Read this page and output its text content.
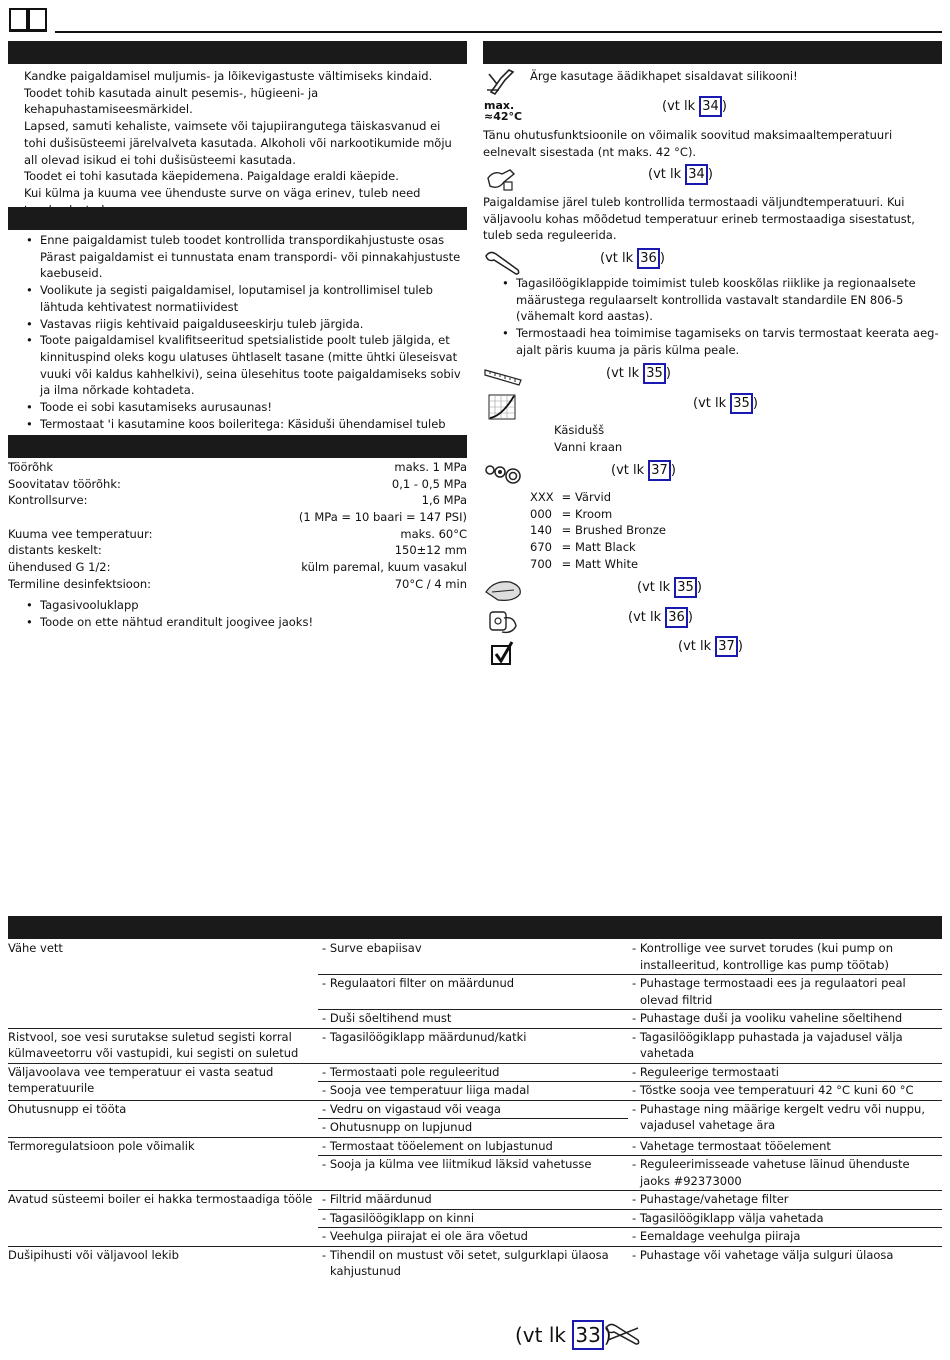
Kandke paigaldamisel muljumis- ja lõikevigastuste vältimiseks kindaid.

Toodet tohib kasutada ainult pesemis-, hügieeni- ja kehapuhastamiseesmärkidel.

Lapsed, samuti kehaliste, vaimsete või tajupiirangutega täiskasvanud ei tohi dušisüsteemi järelvalveta kasutada. Alkoholi või narkootikumide mõju all olevad isikud ei tohi dušisüsteemi kasutada.

Toodet ei tohi kasutada käepidemena. Paigaldage eraldi käepide.

Kui külma ja kuuma vee ühenduste surve on väga erinev, tuleb need

• Enne paigaldamist tuleb toodet kontrollida transpordikahjustuste osas Pärast paigaldamist ei tunnustata enam transpordi- või pinnakahjustuste kaebuseid.
• Voolikute ja segisti paigaldamisel, loputamisel ja kontrollimisel tuleb lähtuda kehtivatest normatiividest
• Vastavas riigis kehtivaid paigalduseeskirju tuleb järgida.
• Toote paigaldamisel kvalifitseeritud spetsialistide poolt tuleb jälgida, et kinnituspind oleks kogu ulatuses ühtlaselt tasane (mitte ühtki üleseisvat vuuki või kaldus kahhelkivi), seina ülesehitus toote paigaldamiseks sobiv ja ilma nõrkade kohtadeta.
• Toode ei sobi kasutamiseks aurusaunas!
• Termostaat 'i kasutamine koos boileritega: Käsiduši ühendamisel tuleb
Töörõhk	maks. 1 MPa
Soovitatav töörõhk:	0,1 - 0,5 MPa
Kontrollsurve:	1,6 MPa
(1 MPa = 10 baari = 147 PSI)
Kuuma vee temperatuur:	maks. 60°C
distants keskelt:	150±12 mm
ühendused G 1/2:	külm paremal, kuum vasakul
Termiline desinfektsioon:	70°C / 4 min
• Tagasivooluklapp
• Toode on ette nähtud eranditult joogivee jaoks!
Ärge kasutage äädikhapet sisaldavat silikooni!
max.
≈42°C
(vt lk 34 )
Tänu ohutusfunktsioonile on võimalik soovitud maksimaaltemperatuuri eelnevalt sisestada (nt maks. 42 °C).
(vt lk 34 )
Paigaldamise järel tuleb kontrollida termostaadi väljundtemperatuuri. Kui väljavoolu kohas mõõdetud temperatuur erineb termostaadiga sisestatust, tuleb seda reguleerida.
(vt lk 36 )
• Tagasilöögiklappide toimimist tuleb kooskõlas riiklike ja regionaalsete määrustega regulaarselt kontrollida vastavalt standardile EN 806-5 (vähemalt kord aastas).
• Termostaadi hea toimimise tagamiseks on tarvis termostaat keerata aeg-ajalt päris kuuma ja päris külma peale.
(vt lk 35 )
(vt lk 35 )
Käsidušš
Vanni kraan
(vt lk 37 )
XXX = Värvid
000 = Kroom
140 = Brushed Bronze
670 = Matt Black
700 = Matt White
(vt lk 35 )
(vt lk 36 )
(vt lk 37 )
Vähe vett	- Surve ebapiisav	- Kontrollige vee survet torudes (kui pump on installeeritud, kontrollige kas pump töötab)

	- Regulaatori filter on määrdunud	- Puhastage termostaadi ees ja regulaatori peal olevad filtrid

	- Duši sõeltihend must	- Puhastage duši ja vooliku vaheline sõeltihend

Ristvool, soe vesi surutakse suletud segisti korral külmaveetorru või vastupidi, kui segisti on suletud	- Tagasilöögiklapp määrdunud/katki	- Tagasilöögiklapp puhastada ja vajadusel välja vahetada

Väljavoolava vee temperatuur ei vasta seatud temperatuurile	- Termostaati pole reguleeritud	- Reguleerige termostaati

	- Sooja vee temperatuur liiga madal	- Tõstke sooja vee temperatuuri 42 °C kuni 60 °C

Ohutusnupp ei tööta	- Vedru on vigastaud või veaga	- Puhastage ning määrige kergelt vedru või nuppu, vajadusel vahetage ära

	- Ohutusnupp on lupjunud	

Termoregulatsioon pole võimalik	- Termostaat tööelement on lubjastunud	- Vahetage termostaat tööelement

	- Sooja ja külma vee liitmikud läksid vahetusse	- Reguleerimisseade vahetuse läinud ühenduste jaoks #92373000

Avatud süsteemi boiler ei hakka termostaadiga tööle	- Filtrid määrdunud	- Puhastage/vahetage filter

	- Tagasilöögiklapp on kinni	- Tagasilöögiklapp välja vahetada

	- Veehulga piirajat ei ole ära võetud	- Eemaldage veehulga piiraja

Dušipihusti või väljavool lekib	- Tihendil on mustust või setet, sulgurklapi ülaosa kahjustunud	- Puhastage või vahetage välja sulguri ülaosa
(vt lk 33 )
